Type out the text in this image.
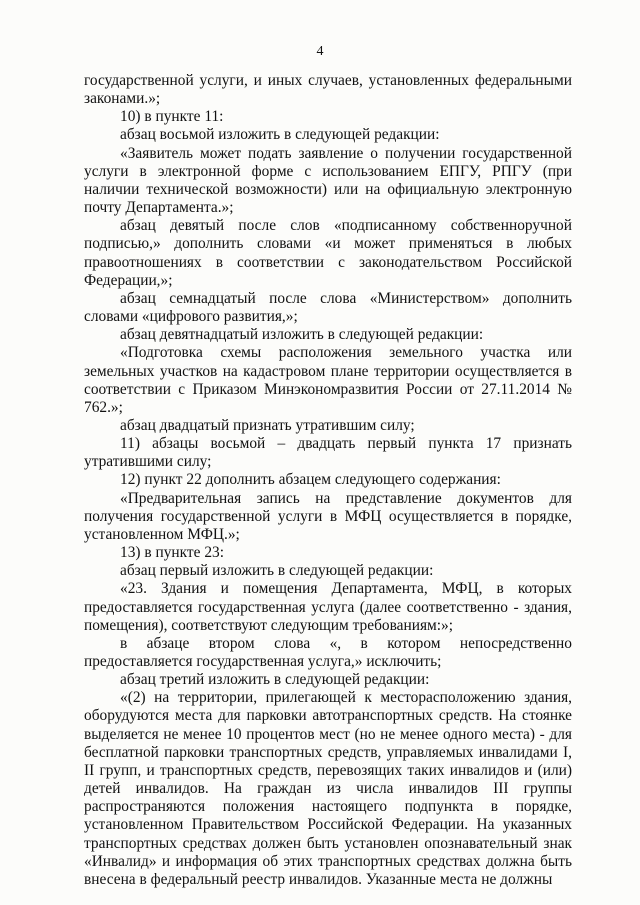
4

государственной услуги, и иных случаев, установленных федеральными законами.»;

10) в пункте 11:

абзац восьмой изложить в следующей редакции:

«Заявитель может подать заявление о получении государственной услуги в электронной форме с использованием ЕПГУ, РПГУ (при наличии технической возможности) или на официальную электронную почту Департамента.»;

абзац девятый после слов «подписанному собственноручной подписью,» дополнить словами «и может применяться в любых правоотношениях в соответствии с законодательством Российской Федерации,»;

абзац семнадцатый после слова «Министерством» дополнить словами «цифрового развития,»;

абзац девятнадцатый изложить в следующей редакции:

«Подготовка схемы расположения земельного участка или земельных участков на кадастровом плане территории осуществляется в соответствии с Приказом Минэкономразвития России от 27.11.2014 № 762.»;

абзац двадцатый признать утратившим силу;

11) абзацы восьмой – двадцать первый пункта 17 признать утратившими силу;

12) пункт 22 дополнить абзацем следующего содержания:

«Предварительная запись на представление документов для получения государственной услуги в МФЦ осуществляется в порядке, установленном МФЦ.»;

13) в пункте 23:

абзац первый изложить в следующей редакции:

«23. Здания и помещения Департамента, МФЦ, в которых предоставляется государственная услуга (далее соответственно - здания, помещения), соответствуют следующим требованиям:»;

в абзаце втором слова «, в котором непосредственно предоставляется государственная услуга,» исключить;

абзац третий изложить в следующей редакции:

«(2) на территории, прилегающей к месторасположению здания, оборудуются места для парковки автотранспортных средств. На стоянке выделяется не менее 10 процентов мест (но не менее одного места) - для бесплатной парковки транспортных средств, управляемых инвалидами I, II групп, и транспортных средств, перевозящих таких инвалидов и (или) детей инвалидов. На граждан из числа инвалидов III группы распространяются положения настоящего подпункта в порядке, установленном Правительством Российской Федерации. На указанных транспортных средствах должен быть установлен опознавательный знак «Инвалид» и информация об этих транспортных средствах должна быть внесена в федеральный реестр инвалидов. Указанные места не должны
